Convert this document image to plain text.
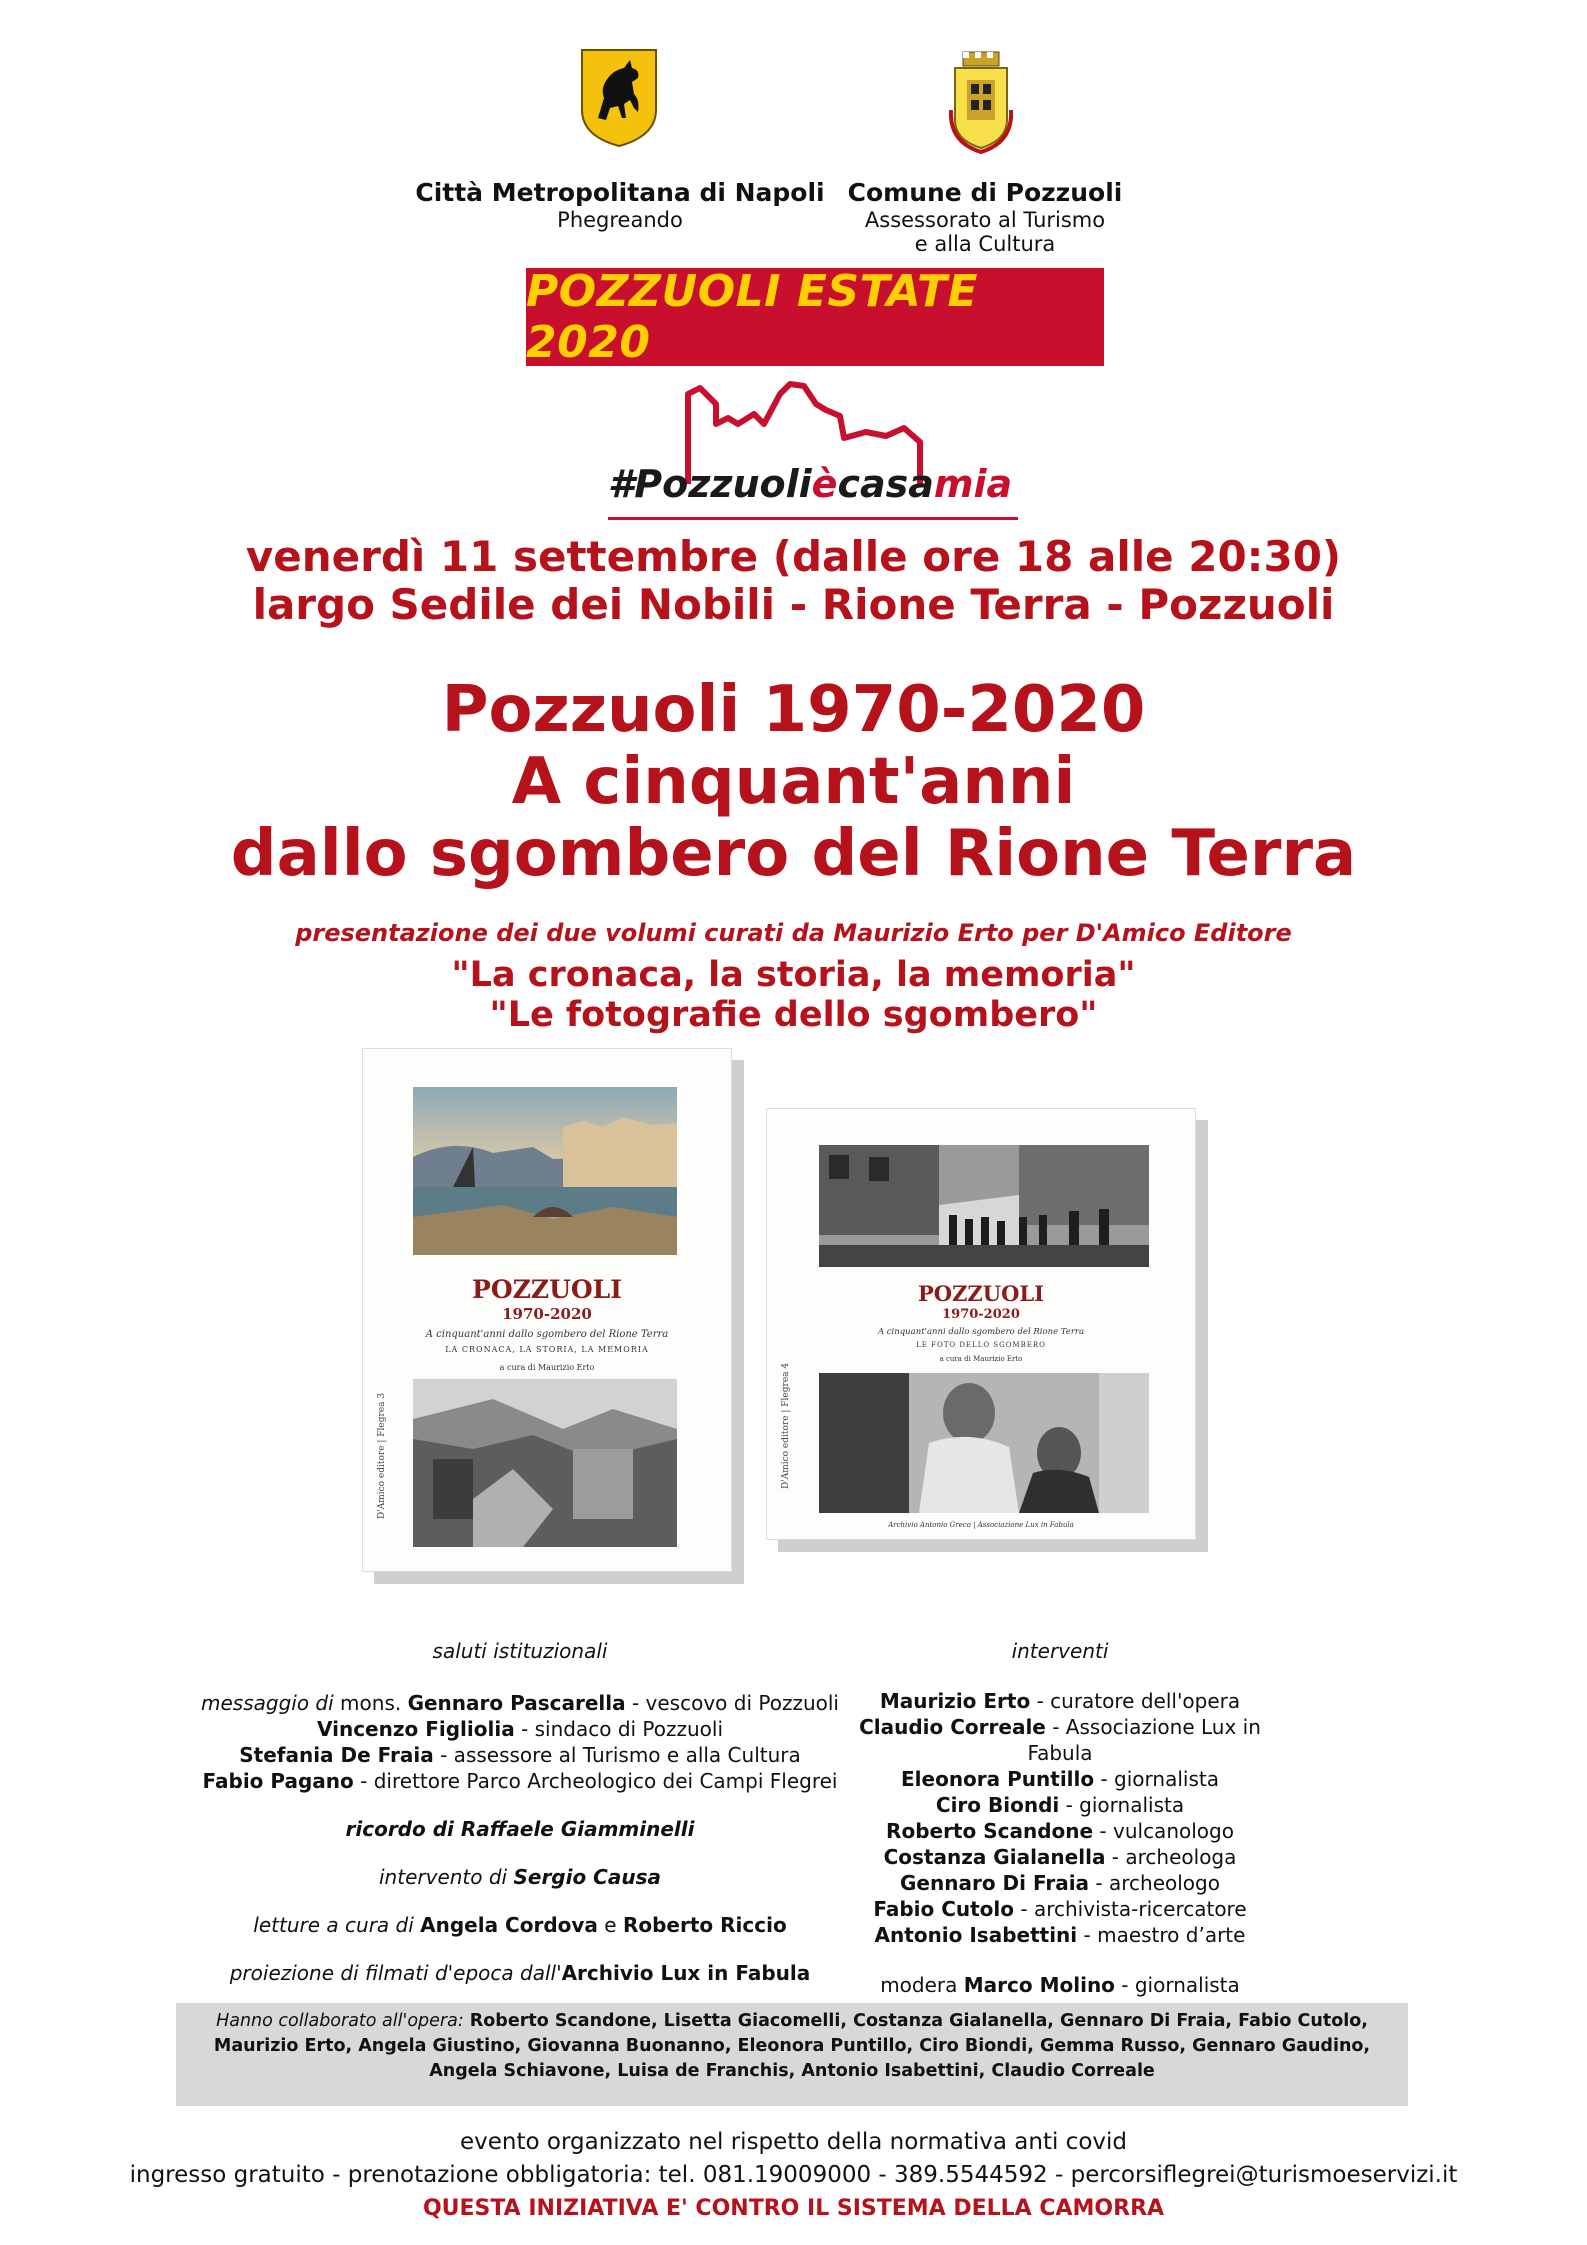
Città Metropolitana di Napoli
Phegreando
Comune di Pozzuoli
Assessorato al Turismo
e alla Cultura
POZZUOLI ESTATE 2020
#Pozzuoliècasamia
venerdì 11 settembre (dalle ore 18 alle 20:30)
largo Sedile dei Nobili - Rione Terra - Pozzuoli
Pozzuoli 1970-2020
A cinquant'anni
dallo sgombero del Rione Terra
presentazione dei due volumi curati da Maurizio Erto per D'Amico Editore
"La cronaca, la storia, la memoria"
"Le fotografie dello sgombero"
POZZUOLI
1970-2020
A cinquant'anni dallo sgombero del Rione Terra
LA CRONACA, LA STORIA, LA MEMORIA
a cura di Maurizio Erto
D'Amico editore | Flegrea 3
POZZUOLI
1970-2020
A cinquant'anni dallo sgombero del Rione Terra
LE FOTO DELLO SGOMBERO
a cura di Maurizio Erto
Archivio Antonio Greco | Associazione Lux in Fabula
D'Amico editore | Flegrea 4
saluti istituzionali
messaggio di mons. Gennaro Pascarella - vescovo di Pozzuoli
Vincenzo Figliolia - sindaco di Pozzuoli
Stefania De Fraia - assessore al Turismo e alla Cultura
Fabio Pagano - direttore Parco Archeologico dei Campi Flegrei
ricordo di Raffaele Giamminelli
intervento di Sergio Causa
letture a cura di Angela Cordova e Roberto Riccio
proiezione di filmati d'epoca dall'Archivio Lux in Fabula
interventi
Maurizio Erto - curatore dell'opera
Claudio Correale - Associazione Lux in Fabula
Eleonora Puntillo - giornalista
Ciro Biondi - giornalista
Roberto Scandone - vulcanologo
Costanza Gialanella - archeologa
Gennaro Di Fraia - archeologo
Fabio Cutolo - archivista-ricercatore
Antonio Isabettini - maestro d’arte
modera Marco Molino - giornalista
Hanno collaborato all'opera: Roberto Scandone, Lisetta Giacomelli, Costanza Gialanella, Gennaro Di Fraia, Fabio Cutolo,
Maurizio Erto, Angela Giustino, Giovanna Buonanno, Eleonora Puntillo, Ciro Biondi, Gemma Russo, Gennaro Gaudino,
Angela Schiavone, Luisa de Franchis, Antonio Isabettini, Claudio Correale
evento organizzato nel rispetto della normativa anti covid
ingresso gratuito - prenotazione obbligatoria: tel. 081.19009000 - 389.5544592 - percorsiflegrei@turismoeservizi.it
QUESTA INIZIATIVA E' CONTRO IL SISTEMA DELLA CAMORRA
